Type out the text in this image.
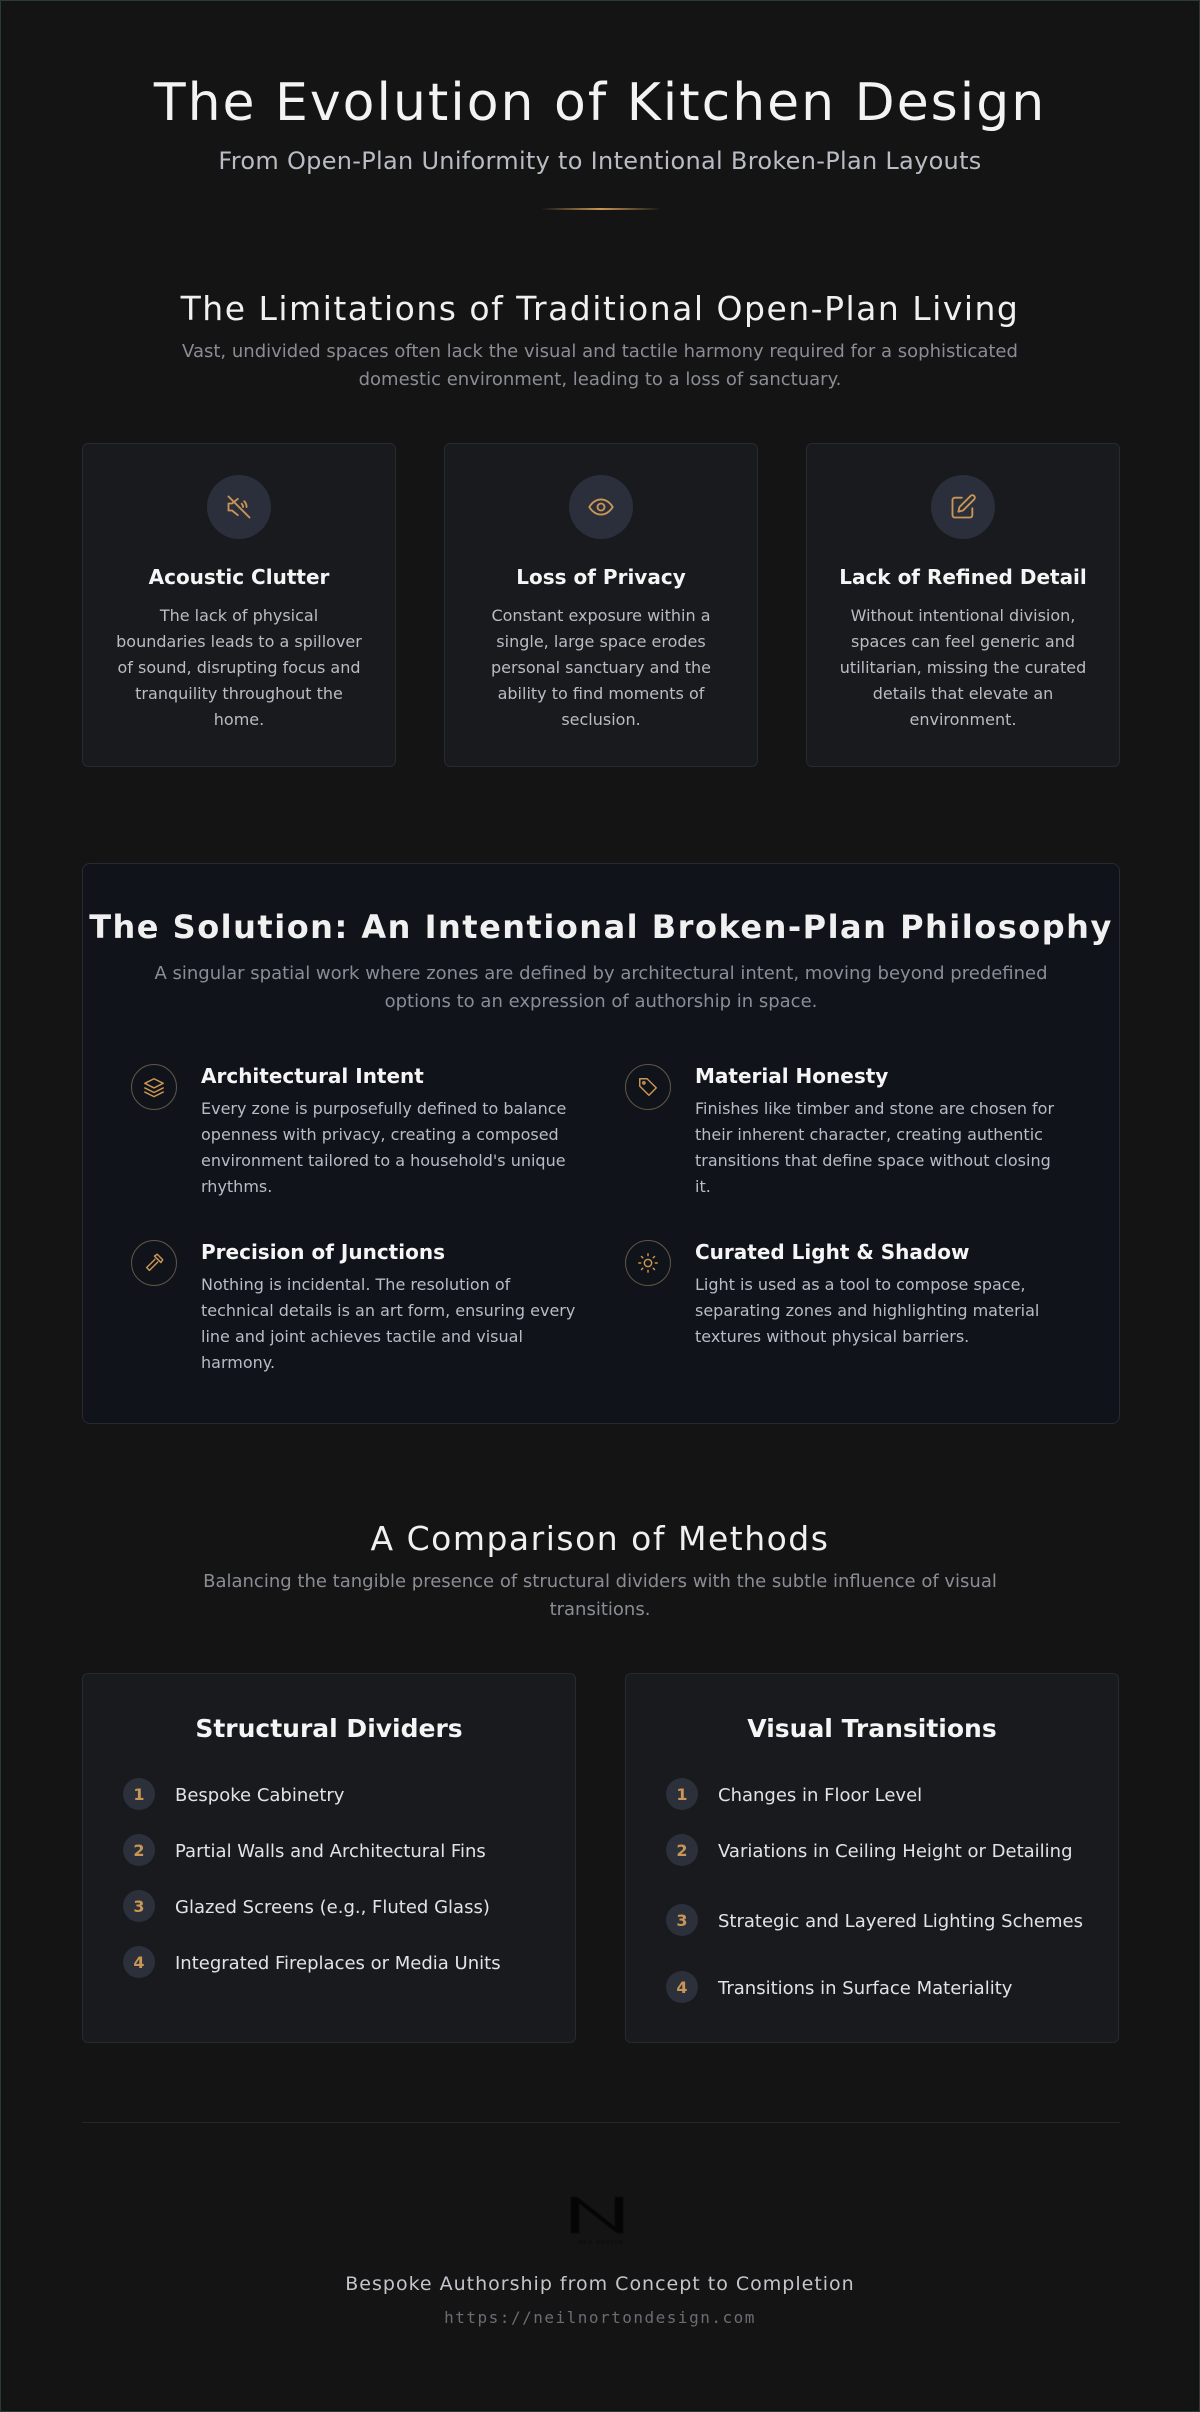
The Evolution of Kitchen Design
From Open-Plan Uniformity to Intentional Broken-Plan Layouts
The Limitations of Traditional Open-Plan Living

Vast, undivided spaces often lack the visual and tactile harmony required for a sophisticated domestic environment, leading to a loss of sanctuary.

Acoustic Clutter
The lack of physical boundaries leads to a spillover of sound, disrupting focus and tranquility throughout the home.
Loss of Privacy
Constant exposure within a single, large space erodes personal sanctuary and the ability to find moments of seclusion.
Lack of Refined Detail
Without intentional division, spaces can feel generic and utilitarian, missing the curated details that elevate an environment.
The Solution: An Intentional Broken-Plan Philosophy

A singular spatial work where zones are defined by architectural intent, moving beyond predefined options to an expression of authorship in space.

Architectural Intent
Every zone is purposefully defined to balance openness with privacy, creating a composed environment tailored to a household's unique rhythms.
Material Honesty
Finishes like timber and stone are chosen for their inherent character, creating authentic transitions that define space without closing it.
Precision of Junctions
Nothing is incidental. The resolution of technical details is an art form, ensuring every line and joint achieves tactile and visual harmony.
Curated Light & Shadow
Light is used as a tool to compose space, separating zones and highlighting material textures without physical barriers.
A Comparison of Methods

Balancing the tangible presence of structural dividers with the subtle influence of visual transitions.

Structural Dividers
1	Bespoke Cabinetry
2	Partial Walls and Architectural Fins
3	Glazed Screens (e.g., Fluted Glass)
4	Integrated Fireplaces or Media Units
Visual Transitions
1	Changes in Floor Level
2	Variations in Ceiling Height or Detailing
3	Strategic and Layered Lighting Schemes
4	Transitions in Surface Materiality
NEIL NORTON
Bespoke Authorship from Concept to Completion
https://neilnortondesign.com
